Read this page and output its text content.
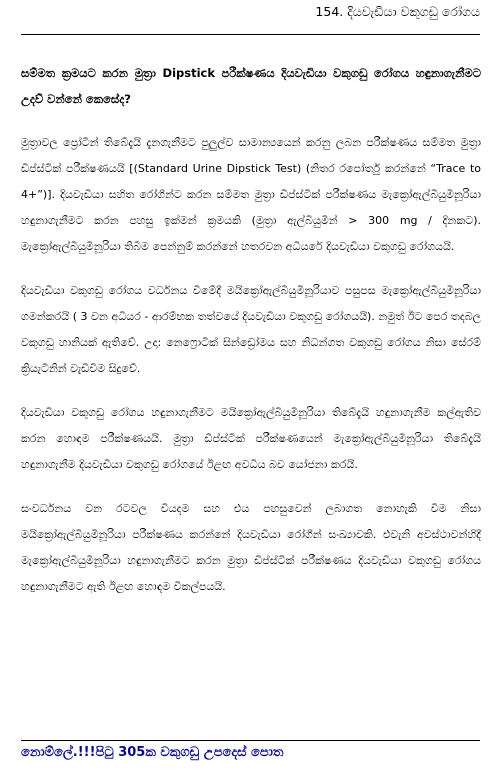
154. දියවැඩියා වකුගඩු රෝගය

සම්මත ක්‍රමයට කරන මුත්‍රා Dipstick පරීක්ෂණය දියවැඩියා වකුගඩු රෝගය හඳුනාගැනීමට උදව් වන්නේ කෙසේද?

මුත්‍රාවල ප්‍රෝටීන් තිබේදැයි දැනගැනීමට පුලුල්ව සාමාන්‍යයෙන් කරනු ලබන පරීක්ෂණය සම්මත මුත්‍රා ඩිප්ස්ටික් පරීක්ෂණයයි [(Standard Urine Dipstick Test) (නිතර රපෝර්තු කරන්නේ “Trace to 4+”)]. දියවැඩියා සහිත රෝගීන්ට කරන සම්මත මුත්‍රා ඩිප්ස්ටික් පරීක්ෂණය මැක්‍රෝඇල්බියුමිනූරියා හඳුනාගැනීමට කරන පහසු ඉක්මන් ක්‍රමයකි (මුත්‍රා ඇල්බියුමින් > 300 mg / දිනකට). මැක්‍රෝඇල්බියුමිනූරියා තිබීම පෙන්නුම් කරන්නේ හතරවන අධියරේ දියවැඩියා වකුගඩු රෝගයයි.

දියවැඩියා වකුගඩු රෝගය වර්ධනය වීමේදී මයික්‍රෝඇල්බියුමිනූරියාව පසුපස මැක්‍රෝඇල්බියුමිනූරියා ගමන්කරයි ( 3 වන අධියර - ආරම්භක තත්වයේ දියවැඩියා වකුගඩු රෝගයයි). නමුත් ඊට පෙර තදබල වකුගඩු හානියක් ඇතිවේ. උදා: නෙෆ්‍රොටික් සින්ඩ්‍රෝමය සහ නිධන්ගත වකුගඩු රෝගය නිසා සේරම් ක්‍රියැටිනින් වැඩිවීම සිදුවේ.

දියවැඩියා වකුගඩු රෝගය හඳුනාගැනීමට මයික්‍රෝඇල්බියුමිනූරියා තිබේදැයි හඳුනාගැනීම කල්ඇතිව කරන හොඳම පරීක්ෂණයයි. මුත්‍රා ඩිප්ස්ටික් පරීක්ෂණයෙන් මැක්‍රෝඇල්බියුමිනූරියා තිබේදැයි හඳුනාගැනීම දියවැඩියා වකුගඩු රෝගයේ ඊළඟ අවධිය බව යෝජනා කරයි.

සංවර්ධනය වන රටවල වියදම සහ එය පහසුවෙන් ලබාගත නොහැකි වීම නිසා මයික්‍රෝඇල්බියුමිනූරියා පරීක්ෂණය කරන්නේ දියවැඩියා රෝගීන් සංඛ්‍යාවකි. එවැනි අවස්ථාවන්හිදී මැක්‍රෝඇල්බියුමිනූරියා හඳුනාගැනීමට කරන මුත්‍රා ඩිප්ස්ටික් පරීක්ෂණය දියවැඩියා වකුගඩු රෝගය හඳුනාගැනීමට ඇති ඊළඟ හොඳම විකල්පයයි.

නොම්ලේ.!!!පිටු 305ක වකුගඩු උපදෙස් පොත
